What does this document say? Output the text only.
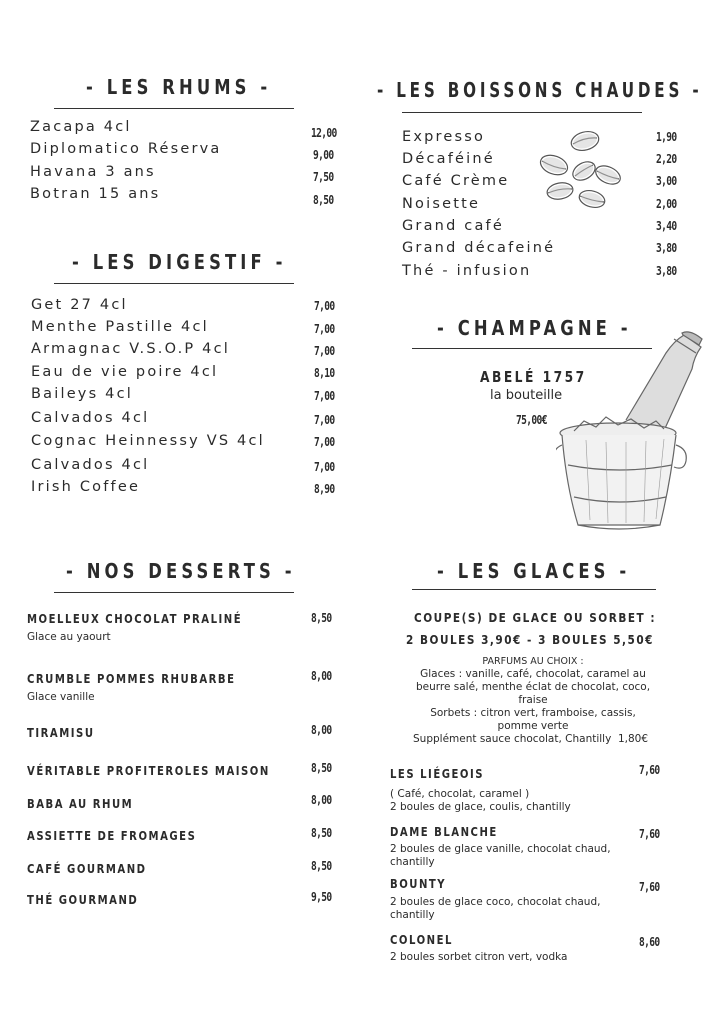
- LES RHUMS -
Zacapa 4cl	12,00
Diplomatico Réserva	9,00
Havana 3 ans	7,50
Botran 15 ans	8,50
- LES DIGESTIF -
Get 27 4cl	7,00
Menthe Pastille 4cl	7,00
Armagnac V.S.O.P 4cl	7,00
Eau de vie poire 4cl	8,10
Baileys 4cl	7,00
Calvados 4cl	7,00
Cognac Heinnessy VS 4cl	7,00
Calvados 4cl	7,00
Irish Coffee	8,90
- LES BOISSONS CHAUDES -
Expresso	1,90
Décaféiné	2,20
Café Crème	3,00
Noisette	2,00
Grand café	3,40
Grand décafeiné	3,80
Thé - infusion	3,80
- CHAMPAGNE -
ABELÉ 1757
la bouteille
75,00€
- NOS DESSERTS -
MOELLEUX CHOCOLAT PRALINÉ
Glace au yaourt
8,50
CRUMBLE POMMES RHUBARBE
Glace vanille
8,00
TIRAMISU	8,00
VÉRITABLE PROFITEROLES MAISON	8,50
BABA AU RHUM	8,00
ASSIETTE DE FROMAGES	8,50
CAFÉ GOURMAND	8,50
THÉ GOURMAND	9,50
- LES GLACES -
COUPE(S) DE GLACE OU SORBET :
2 BOULES 3,90€ - 3 BOULES 5,50€
PARFUMS AU CHOIX :
Glaces : vanille, café, chocolat, caramel au
beurre salé, menthe éclat de chocolat, coco,
fraise
Sorbets : citron vert, framboise, cassis,
pomme verte
Supplément sauce chocolat, Chantilly  1,80€
LES LIÉGEOIS	7,60
( Café, chocolat, caramel )
2 boules de glace, coulis, chantilly
DAME BLANCHE	7,60
2 boules de glace vanille, chocolat chaud,
chantilly
BOUNTY	7,60
2 boules de glace coco, chocolat chaud,
chantilly
COLONEL	8,60
2 boules sorbet citron vert, vodka
